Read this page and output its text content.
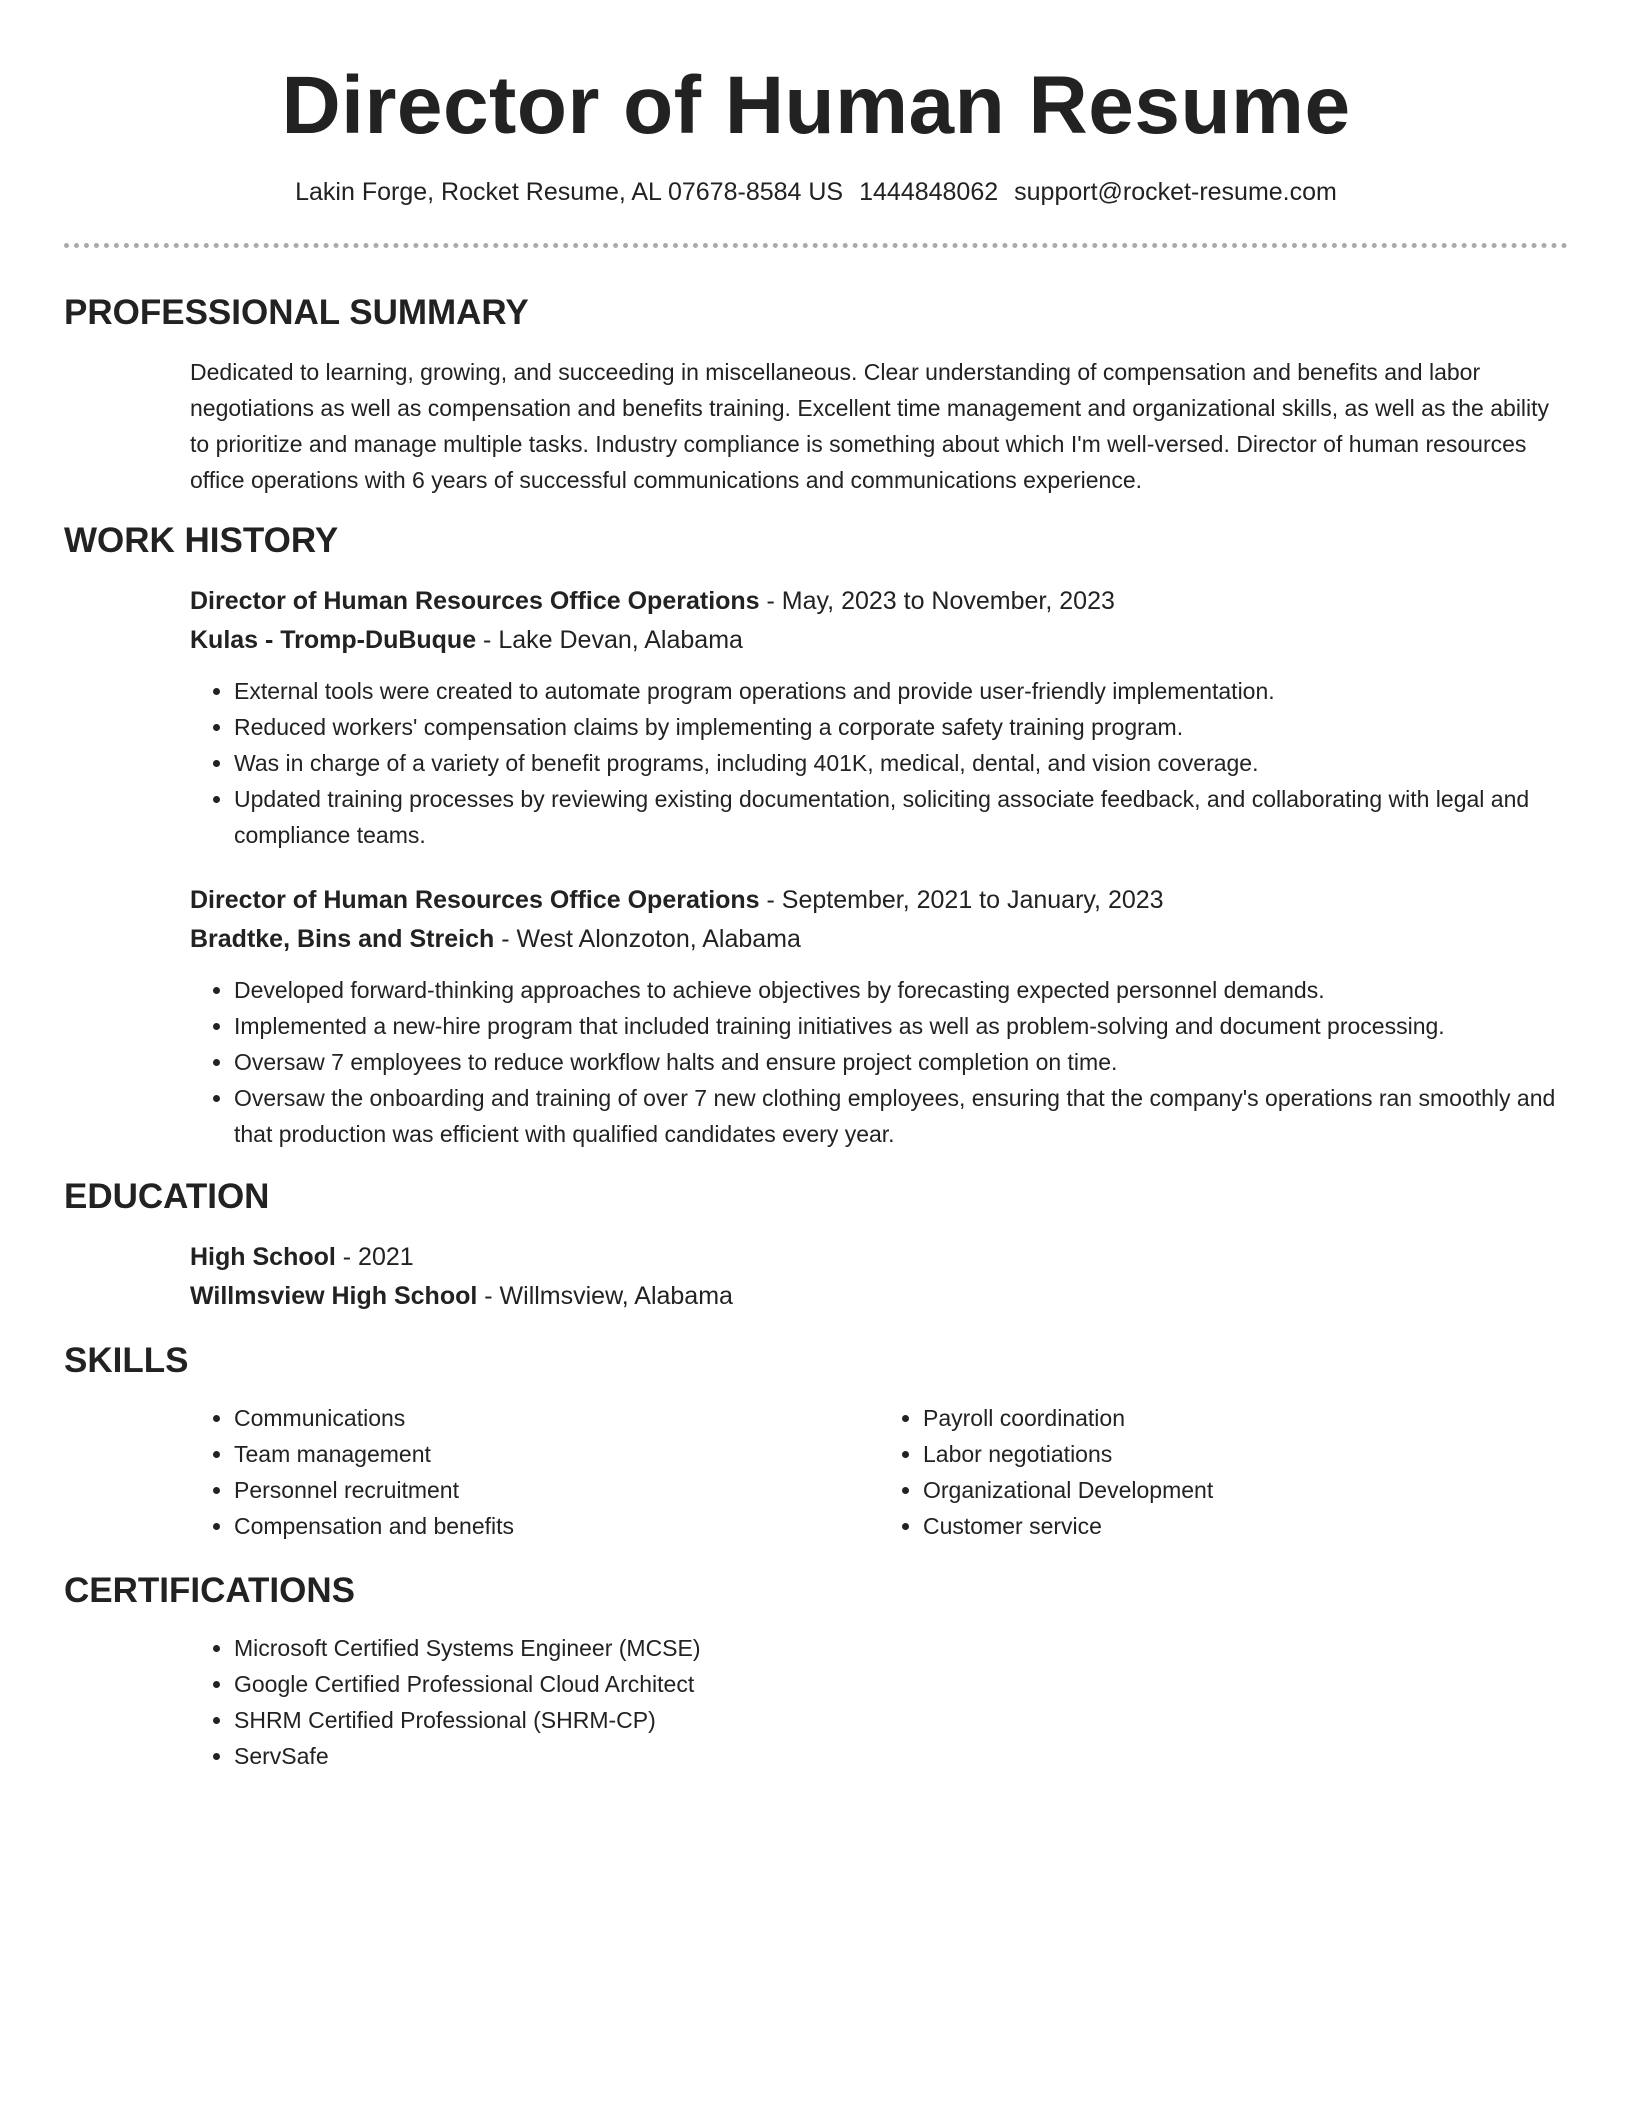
Director of Human Resume
Lakin Forge, Rocket Resume, AL 07678-8584 US 1444848062 support@rocket-resume.com
PROFESSIONAL SUMMARY

Dedicated to learning, growing, and succeeding in miscellaneous. Clear understanding of compensation and benefits and labor negotiations as well as compensation and benefits training. Excellent time management and organizational skills, as well as the ability to prioritize and manage multiple tasks. Industry compliance is something about which I'm well-versed. Director of human resources office operations with 6 years of successful communications and communications experience.

WORK HISTORY

Director of Human Resources Office Operations - May, 2023 to November, 2023

Kulas - Tromp-DuBuque - Lake Devan, Alabama

• External tools were created to automate program operations and provide user-friendly implementation.
• Reduced workers' compensation claims by implementing a corporate safety training program.
• Was in charge of a variety of benefit programs, including 401K, medical, dental, and vision coverage.
• Updated training processes by reviewing existing documentation, soliciting associate feedback, and collaborating with legal and compliance teams.

Director of Human Resources Office Operations - September, 2021 to January, 2023

Bradtke, Bins and Streich - West Alonzoton, Alabama

• Developed forward-thinking approaches to achieve objectives by forecasting expected personnel demands.
• Implemented a new-hire program that included training initiatives as well as problem-solving and document processing.
• Oversaw 7 employees to reduce workflow halts and ensure project completion on time.
• Oversaw the onboarding and training of over 7 new clothing employees, ensuring that the company's operations ran smoothly and that production was efficient with qualified candidates every year.
EDUCATION

High School - 2021

Willmsview High School - Willmsview, Alabama

SKILLS
• Communications
• Team management
• Personnel recruitment
• Compensation and benefits
• Payroll coordination
• Labor negotiations
• Organizational Development
• Customer service
CERTIFICATIONS
• Microsoft Certified Systems Engineer (MCSE)
• Google Certified Professional Cloud Architect
• SHRM Certified Professional (SHRM-CP)
• ServSafe
